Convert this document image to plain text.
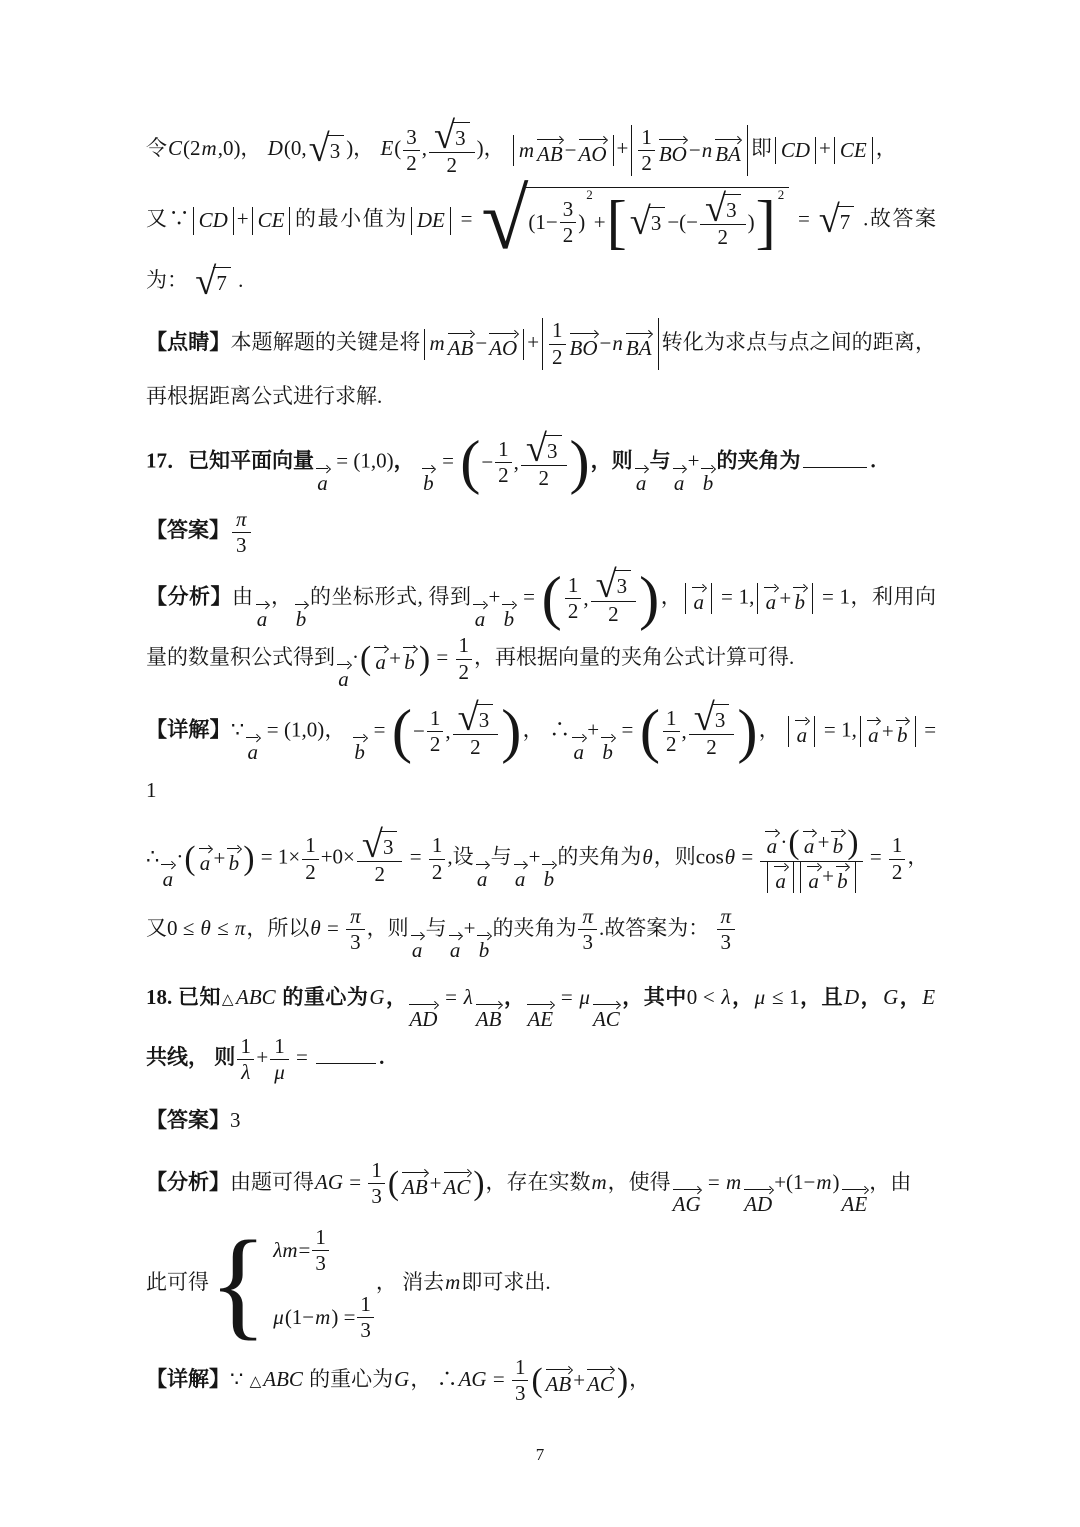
令C(2m,0)， D(0, √ 3 )， $E( \frac{3}{2}$ , $\frac{√ 3}{2}$ )， m AB − AO + 1
2 BO − n BA 即 CD + CE ，
又∵ CD + CE 的最小值为 DE = √ (1−
3
2
)
$^2$
+ [ √ 3 −(− √ 3
2
) ]$^2$
= √ 7 .故答案为： √ 7 .
【点睛】本题解题的关键是将 m AB − AO + 1
2 BO − n BA 转化为求点与点之间的距离，再根据距离公式进行求解.
17．已知平面向量
a
= (1,0)，
b
= ( −
1
2
, √ 3
2 ) ，则
a
与
a
+
b
的夹角为	.
【答案】 $\frac{\pi}{3}$
【分析】由
a
，
b
的坐标形式, 得到
a
+
b
= ( 1
2
, √ 3
2 ) ， a = 1, a + b = 1，利用向量的数量积公式得到
a
· ( a + b ) = $\frac{1}{2}$ ，再根据向量的夹角公式计算可得.
【详解】∵
a
= (1,0)，
b
= ( −
1
2
, √ 3
2 ) ， ∴
a
+
b
= ( 1
2
, √ 3
2 ) ， a = 1, a + b = 1
∴
a
· ( a + b ) = $1\times \frac{1}{2} +0\times \frac{√ 3}{2} = \frac{1}{2}$ ,设
a
与
a
+
b
的夹角为θ，则$\cos\theta = \frac{a \cdot ( a + b )}{\text{a a + b}} = \frac{1}{2}$ ，
又0 ≤ θ ≤ π，所以$\theta = \frac{\pi}{3}$ ，则
a
与
a
+
b
的夹角为 $\frac{\pi}{3}$ .故答案为： $\frac{\pi}{3}$
18. 已知△ABC 的重心为G，
AD
= λ
AB
，
AE
= μ
AC
，其中0 < λ，μ ≤ 1，且D，G，E 共线， 则 $\frac{1}{\lambda} + \frac{1}{\mu}$ =	.
【答案】3
【分析】由题可得AG = $\frac{1}{3}$ ( AB + AC ) ，存在实数m，使得
AG
= m
AD
+(1−m)
AE
，由
此可得 { λm =
1
3
μ (1− m ) =
1
3
， 消去m即可求出.
【详解】∵ △ABC 的重心为G， ∴AG = $\frac{1}{3}$ ( AB + AC ) ，
7
